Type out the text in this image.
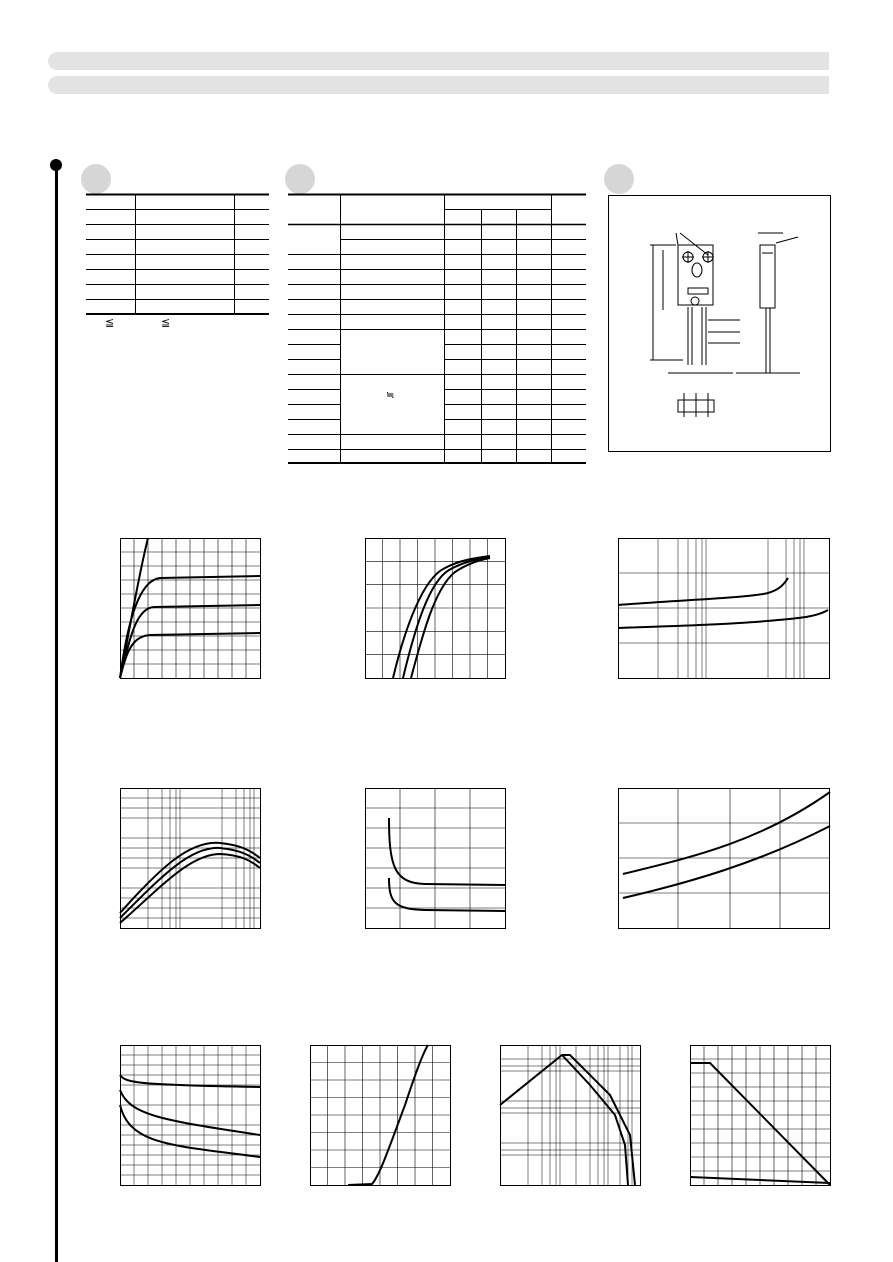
≦	≦
≒
